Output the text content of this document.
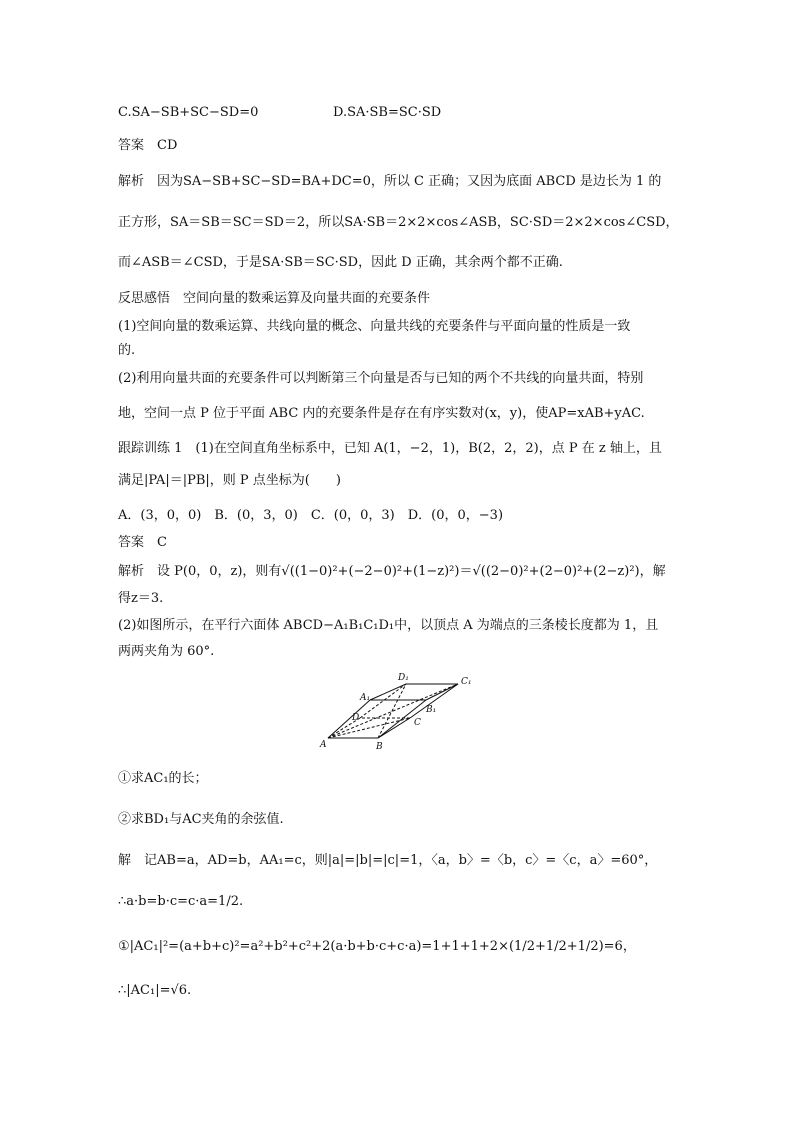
C.SA−SB+SC−SD=0	D.SA·SB=SC·SD
答案　CD
解析　因为SA−SB+SC−SD=BA+DC=0，所以 C 正确；又因为底面 ABCD 是边长为 1 的
正方形，SA＝SB＝SC＝SD＝2，所以SA·SB＝2×2×cos∠ASB，SC·SD＝2×2×cos∠CSD，
而∠ASB＝∠CSD，于是SA·SB＝SC·SD，因此 D 正确，其余两个都不正确.
反思感悟　空间向量的数乘运算及向量共面的充要条件
(1)空间向量的数乘运算、共线向量的概念、向量共线的充要条件与平面向量的性质是一致
的.
(2)利用向量共面的充要条件可以判断第三个向量是否与已知的两个不共线的向量共面，特别
地，空间一点 P 位于平面 ABC 内的充要条件是存在有序实数对(x，y)，使AP=xAB+yAC.
跟踪训练 1　(1)在空间直角坐标系中，已知 A(1，−2，1)，B(2，2，2)，点 P 在 z 轴上，且
满足|PA|＝|PB|，则 P 点坐标为(　　)
A．(3，0，0)　B．(0，3，0)　C．(0，0，3)　D．(0，0，−3)
答案　C
解析　设 P(0，0，z)，则有√((1−0)²+(−2−0)²+(1−z)²)＝√((2−0)²+(2−0)²+(2−z)²)，解
得z＝3.
(2)如图所示，在平行六面体 ABCD−A₁B₁C₁D₁中，以顶点 A 为端点的三条棱长度都为 1，且
两两夹角为 60°.
D₁	C₁
A₁
B₁
D	C
A	B
①求AC₁的长；
②求BD₁与AC夹角的余弦值.
解　记AB=a，AD=b，AA₁=c，则|a|=|b|=|c|=1，〈a，b〉=〈b，c〉=〈c，a〉=60°，
∴a·b=b·c=c·a=1/2.
①|AC₁|²=(a+b+c)²=a²+b²+c²+2(a·b+b·c+c·a)=1+1+1+2×(1/2+1/2+1/2)=6，
∴|AC₁|=√6.
